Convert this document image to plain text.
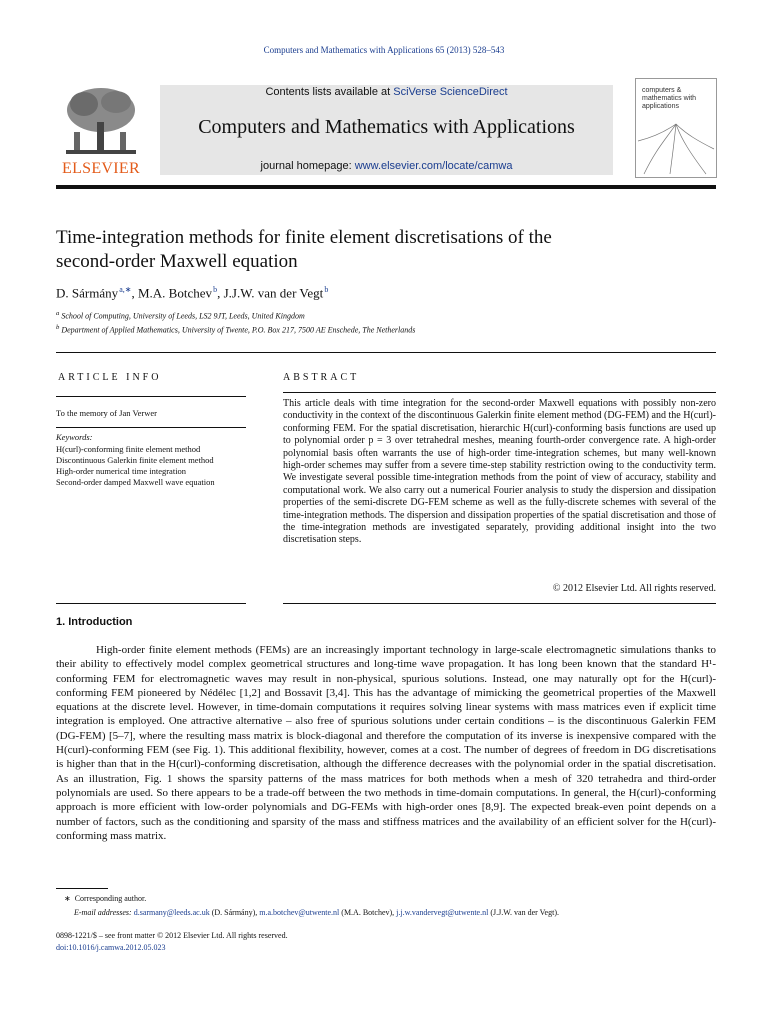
Computers and Mathematics with Applications 65 (2013) 528–543
ELSEVIER
Contents lists available at SciVerse ScienceDirect
Computers and Mathematics with Applications
journal homepage: www.elsevier.com/locate/camwa
computers & mathematics with applications
Time-integration methods for finite element discretisations of the
second-order Maxwell equation
D. Sármány $^{a,∗}$, M.A. Botchev $^b$, J.J.W. van der Vegt $^b$
$^a$ School of Computing, University of Leeds, LS2 9JT, Leeds, United Kingdom
$^b$ Department of Applied Mathematics, University of Twente, P.O. Box 217, 7500 AE Enschede, The Netherlands
ARTICLE INFO	ABSTRACT
To the memory of Jan Verwer
Keywords:
H(curl)-conforming finite element method
Discontinuous Galerkin finite element method
High-order numerical time integration
Second-order damped Maxwell wave equation
This article deals with time integration for the second-order Maxwell equations with possibly non-zero conductivity in the context of the discontinuous Galerkin finite element method (DG-FEM) and the H(curl)-conforming FEM. For the spatial discretisation, hierarchic H(curl)-conforming basis functions are used up to polynomial order p = 3 over tetrahedral meshes, meaning fourth-order convergence rate. A high-order polynomial basis often warrants the use of high-order time-integration schemes, but many well-known high-order schemes may suffer from a severe time-step stability restriction owing to the conductivity term. We investigate several possible time-integration methods from the point of view of accuracy, stability and computational work. We also carry out a numerical Fourier analysis to study the dispersion and dissipation properties of the semi-discrete DG-FEM scheme as well as the fully-discrete schemes with several of the time-integration methods. The dispersion and dissipation properties of the spatial discretisation and those of the time-integration methods are investigated separately, providing additional insight into the two discretisation steps.
© 2012 Elsevier Ltd. All rights reserved.
1. Introduction
High-order finite element methods (FEMs) are an increasingly important technology in large-scale electromagnetic simulations thanks to their ability to effectively model complex geometrical structures and long-time wave propagation. It has long been known that the standard H¹-conforming FEM for electromagnetic waves may result in non-physical, spurious solutions. Instead, one may naturally opt for the H(curl)-conforming FEM pioneered by Nédélec [1,2] and Bossavit [3,4]. This has the advantage of mimicking the geometrical properties of the Maxwell equations at the discrete level. However, in time-domain computations it requires solving linear systems with mass matrices even if explicit time integration is employed. One attractive alternative – also free of spurious solutions under certain conditions – is the discontinuous Galerkin FEM (DG-FEM) [5–7], where the resulting mass matrix is block-diagonal and therefore the computation of its inverse is inexpensive compared with the H(curl)-conforming FEM (see Fig. 1). This additional flexibility, however, comes at a cost. The number of degrees of freedom in DG discretisations is higher than that in the H(curl)-conforming discretisation, although the difference decreases with the polynomial order in the spatial discretisation. As an illustration, Fig. 1 shows the sparsity patterns of the mass matrices for both methods when a mesh of 320 tetrahedra and third-order polynomials are used. So there appears to be a trade-off between the two methods in time-domain computations. In general, the H(curl)-conforming approach is more efficient with low-order polynomials and DG-FEMs with high-order ones [8,9]. The expected break-even point depends on a number of factors, such as the conditioning and sparsity of the mass and stiffness matrices and the availability of an efficient solver for the H(curl)-conforming mass matrix.
∗ Corresponding author.
E-mail addresses: d.sarmany@leeds.ac.uk (D. Sármány), m.a.botchev@utwente.nl (M.A. Botchev), j.j.w.vandervegt@utwente.nl (J.J.W. van der Vegt).
0898-1221/$ – see front matter © 2012 Elsevier Ltd. All rights reserved.
doi:10.1016/j.camwa.2012.05.023
